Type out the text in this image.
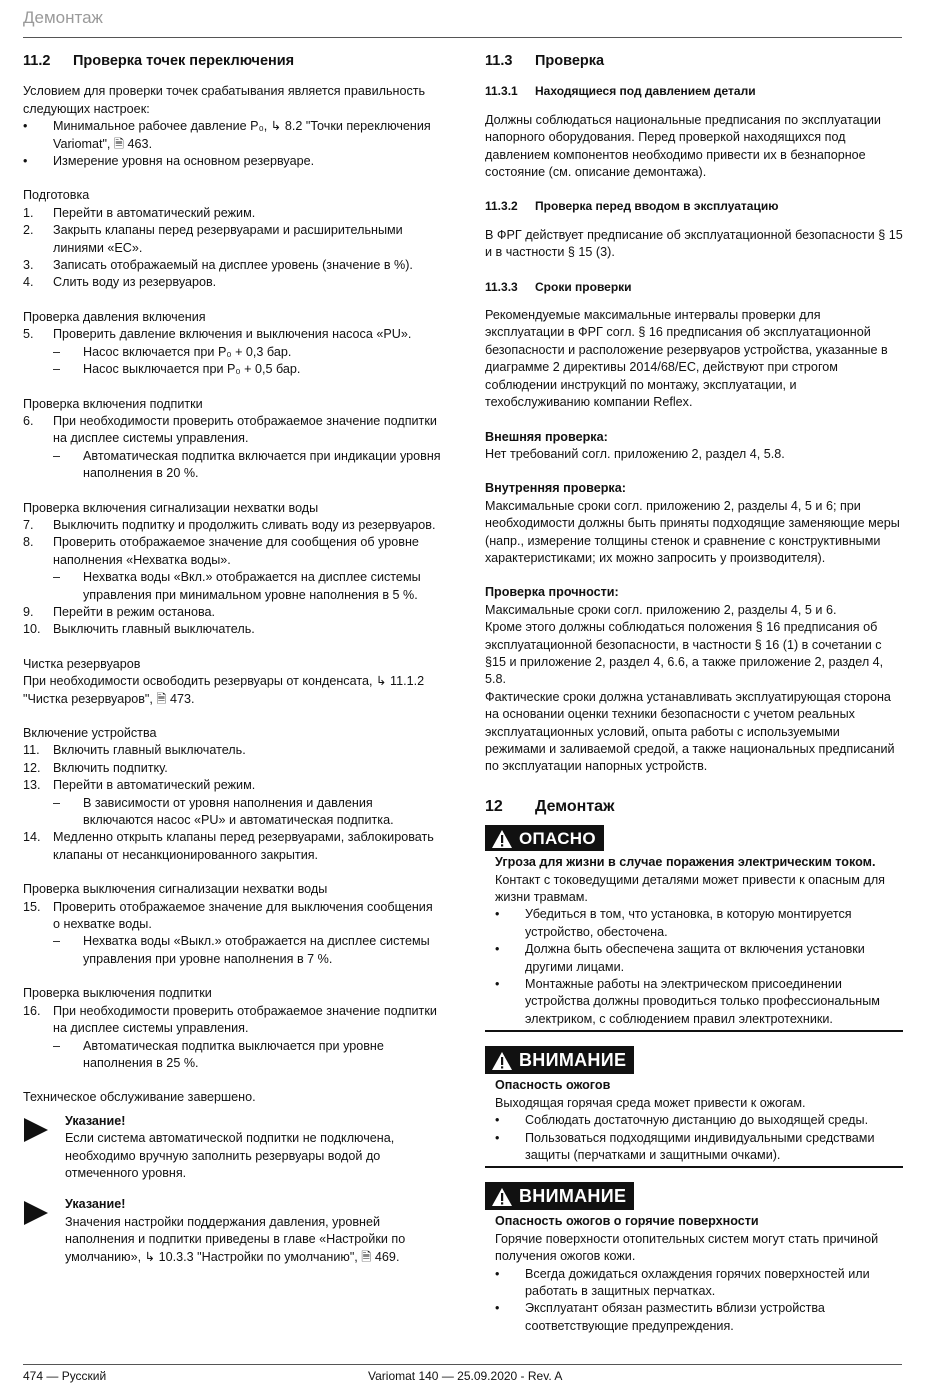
Демонтаж
11.2	Проверка точек переключения

Условием для проверки точек срабатывания является правильность следующих настроек:

•	Минимальное рабочее давление P₀, ↳ 8.2 "Точки переключения Variomat", 🗎 463.
•	Измерение уровня на основном резервуаре.

Подготовка

1.	Перейти в автоматический режим.
2.	Закрыть клапаны перед резервуарами и расширительными линиями «EC».
3.	Записать отображаемый на дисплее уровень (значение в %).
4.	Слить воду из резервуаров.

Проверка давления включения

5.	Проверить давление включения и выключения насоса «PU».
–	Насос включается при P₀ + 0,3 бар.
–	Насос выключается при P₀ + 0,5 бар.

Проверка включения подпитки

6.	При необходимости проверить отображаемое значение подпитки на дисплее системы управления.
–	Автоматическая подпитка включается при индикации уровня наполнения в 20 %.

Проверка включения сигнализации нехватки воды

7.	Выключить подпитку и продолжить сливать воду из резервуаров.
8.	Проверить отображаемое значение для сообщения об уровне наполнения «Нехватка воды».
–	Нехватка воды «Вкл.» отображается на дисплее системы управления при минимальном уровне наполнения в 5 %.
9.	Перейти в режим останова.
10. Выключить главный выключатель.

Чистка резервуаров

При необходимости освободить резервуары от конденсата, ↳ 11.1.2 "Чистка резервуаров", 🗎 473.

Включение устройства

11.	Включить главный выключатель.
12. Включить подпитку.
13. Перейти в автоматический режим.
–	В зависимости от уровня наполнения и давления включаются насос «PU» и автоматическая подпитка.
14. Медленно открыть клапаны перед резервуарами, заблокировать клапаны от несанкционированного закрытия.

Проверка выключения сигнализации нехватки воды

15. Проверить отображаемое значение для выключения сообщения о нехватке воды.
–	Нехватка воды «Выкл.» отображается на дисплее системы управления при уровне наполнения в 7 %.

Проверка выключения подпитки

16. При необходимости проверить отображаемое значение подпитки на дисплее системы управления.
–	Автоматическая подпитка выключается при уровне наполнения в 25 %.

Техническое обслуживание завершено.

Указание!

Если система автоматической подпитки не подключена, необходимо вручную заполнить резервуары водой до отмеченного уровня.

Указание!

Значения настройки поддержания давления, уровней наполнения и подпитки приведены в главе «Настройки по умолчанию», ↳ 10.3.3 "Настройки по умолчанию", 🗎 469.

11.3	Проверка
11.3.1	Находящиеся под давлением детали

Должны соблюдаться национальные предписания по эксплуатации напорного оборудования. Перед проверкой находящихся под давлением компонентов необходимо привести их в безнапорное состояние (см. описание демонтажа).

11.3.2	Проверка перед вводом в эксплуатацию

В ФРГ действует предписание об эксплуатационной безопасности § 15 и в частности § 15 (3).

11.3.3	Сроки проверки

Рекомендуемые максимальные интервалы проверки для эксплуатации в ФРГ согл. § 16 предписания об эксплуатационной безопасности и расположение резервуаров устройства, указанные в диаграмме 2 директивы 2014/68/EC, действуют при строгом соблюдении инструкций по монтажу, эксплуатации, и техобслуживанию компании Reflex.

Внешняя проверка:

Нет требований согл. приложению 2, раздел 4, 5.8.

Внутренняя проверка:

Максимальные сроки согл. приложению 2, разделы 4, 5 и 6; при необходимости должны быть приняты подходящие заменяющие меры (напр., измерение толщины стенок и сравнение с конструктивными характеристиками; их можно запросить у производителя).

Проверка прочности:

Максимальные сроки согл. приложению 2, разделы 4, 5 и 6.

Кроме этого должны соблюдаться положения § 16 предписания об эксплуатационной безопасности, в частности § 16 (1) в сочетании с §15 и приложение 2, раздел 4, 6.6, а также приложение 2, раздел 4, 5.8.

Фактические сроки должна устанавливать эксплуатирующая сторона на основании оценки техники безопасности с учетом реальных эксплуатационных условий, опыта работы с используемыми режимами и заливаемой средой, а также национальных предписаний по эксплуатации напорных устройств.

12	Демонтаж
ОПАСНО

Угроза для жизни в случае поражения электрическим током.

Контакт с токоведущими деталями может привести к опасным для жизни травмам.

•	Убедиться в том, что установка, в которую монтируется устройство, обесточена.
•	Должна быть обеспечена защита от включения установки другими лицами.
•	Монтажные работы на электрическом присоединении устройства должны проводиться только профессиональным электриком, с соблюдением правил электротехники.
ВНИМАНИЕ

Опасность ожогов

Выходящая горячая среда может привести к ожогам.

•	Соблюдать достаточную дистанцию до выходящей среды.
•	Пользоваться подходящими индивидуальными средствами защиты (перчатками и защитными очками).
ВНИМАНИЕ

Опасность ожогов о горячие поверхности

Горячие поверхности отопительных систем могут стать причиной получения ожогов кожи.

•	Всегда дожидаться охлаждения горячих поверхностей или работать в защитных перчатках.
•	Эксплуатант обязан разместить вблизи устройства соответствующие предупреждения.
474 — Русский	Variomat 140 — 25.09.2020 - Rev. A
